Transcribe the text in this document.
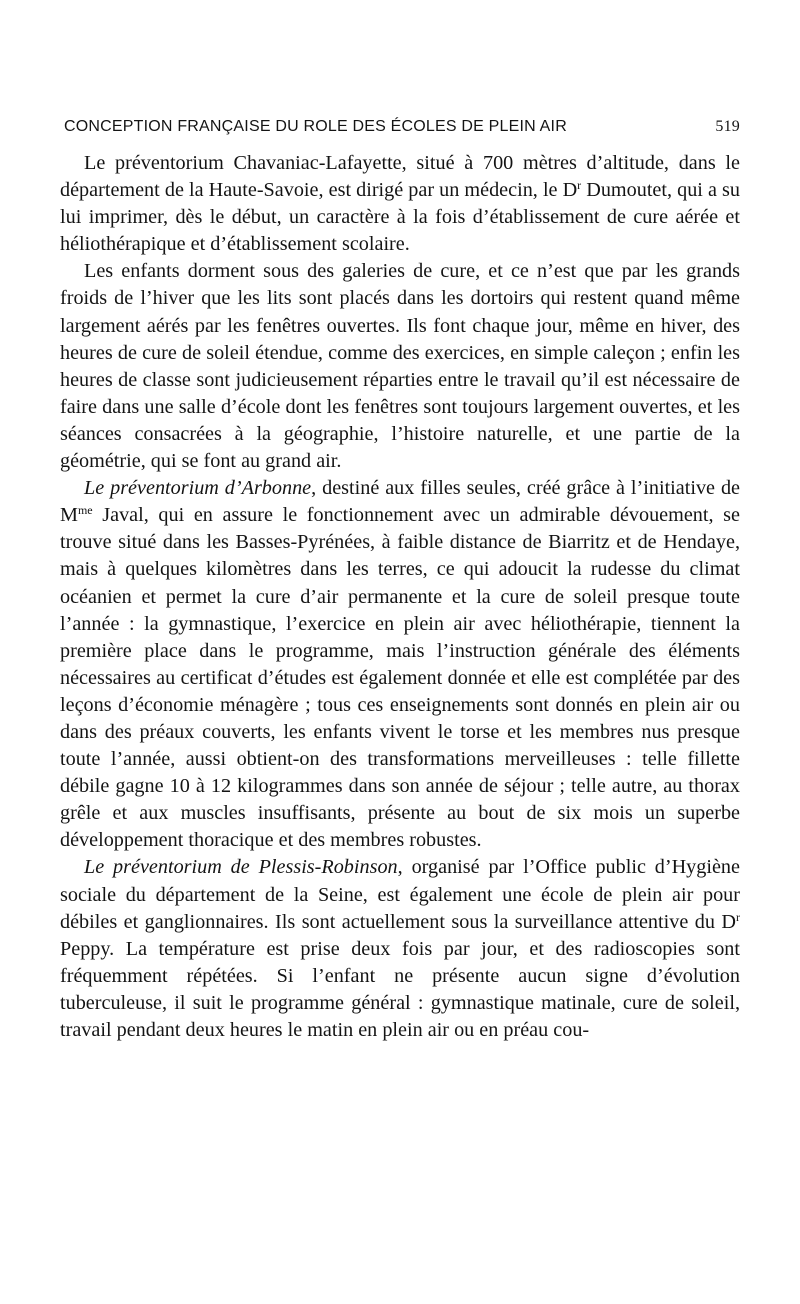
CONCEPTION FRANÇAISE DU ROLE DES ÉCOLES DE PLEIN AIR	519

Le préventorium Chavaniac-Lafayette, situé à 700 mètres d’altitude, dans le département de la Haute-Savoie, est dirigé par un médecin, le $D^r$ Dumoutet, qui a su lui imprimer, dès le début, un caractère à la fois d’établissement de cure aérée et héliothérapique et d’établissement scolaire.

Les enfants dorment sous des galeries de cure, et ce n’est que par les grands froids de l’hiver que les lits sont placés dans les dortoirs qui restent quand même largement aérés par les fenêtres ouvertes. Ils font chaque jour, même en hiver, des heures de cure de soleil étendue, comme des exercices, en simple caleçon ; enfin les heures de classe sont judicieusement réparties entre le travail qu’il est nécessaire de faire dans une salle d’école dont les fenêtres sont toujours largement ouvertes, et les séances consacrées à la géographie, l’histoire naturelle, et une partie de la géométrie, qui se font au grand air.

Le préventorium d’Arbonne, destiné aux filles seules, créé grâce à l’initiative de $M^{me}$ Javal, qui en assure le fonctionnement avec un admirable dévouement, se trouve situé dans les Basses-Pyrénées, à faible distance de Biarritz et de Hendaye, mais à quelques kilomètres dans les terres, ce qui adoucit la rudesse du climat océanien et permet la cure d’air permanente et la cure de soleil presque toute l’année : la gymnastique, l’exercice en plein air avec héliothérapie, tiennent la première place dans le programme, mais l’instruction générale des éléments nécessaires au certificat d’études est également donnée et elle est complétée par des leçons d’économie ménagère ; tous ces enseignements sont donnés en plein air ou dans des préaux couverts, les enfants vivent le torse et les membres nus presque toute l’année, aussi obtient-on des transformations merveilleuses : telle fillette débile gagne 10 à 12 kilogrammes dans son année de séjour ; telle autre, au thorax grêle et aux muscles insuffisants, présente au bout de six mois un superbe développement thoracique et des membres robustes.

Le préventorium de Plessis-Robinson, organisé par l’Office public d’Hygiène sociale du département de la Seine, est également une école de plein air pour débiles et ganglionnaires. Ils sont actuellement sous la surveillance attentive du $D^r$ Peppy. La température est prise deux fois par jour, et des radioscopies sont fréquemment répétées. Si l’enfant ne présente aucun signe d’évolution tuberculeuse, il suit le programme général : gymnastique matinale, cure de soleil, travail pendant deux heures le matin en plein air ou en préau cou-
